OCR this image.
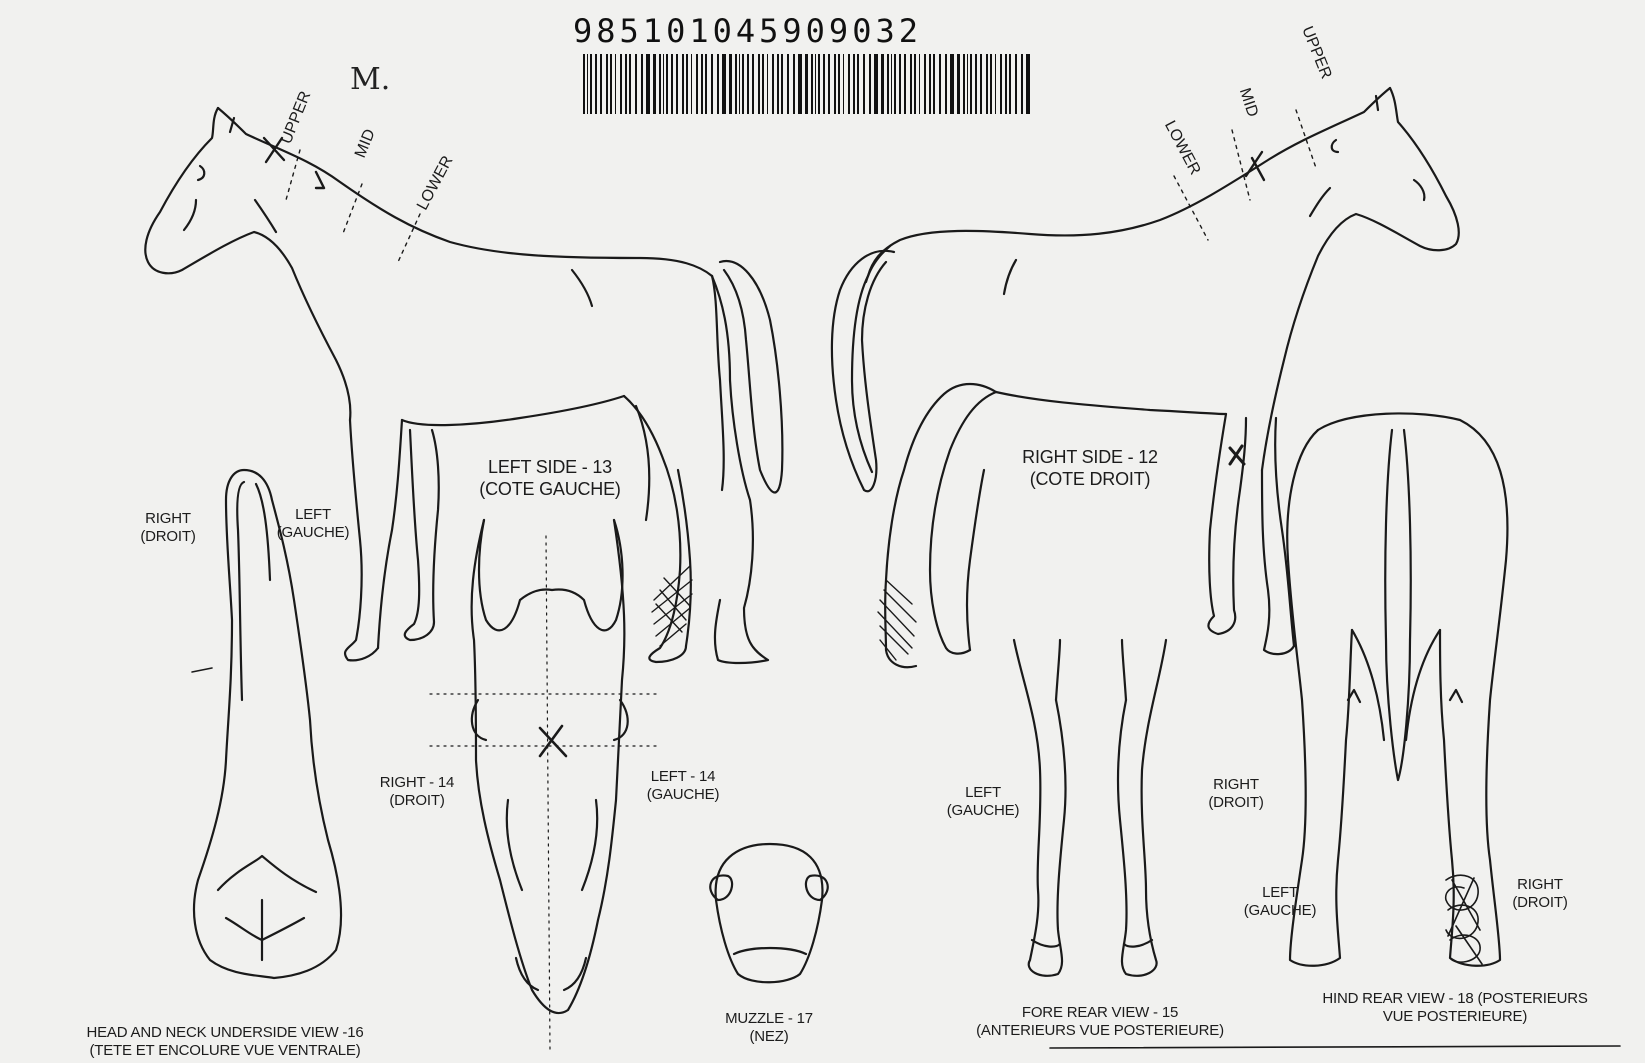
985101045909032
UPPER MID
LOWER
M.	UPPER
MID
LOWER
LEFT SIDE - 13
(COTE GAUCHE)
RIGHT SIDE - 12
(COTE DROIT)
RIGHT
(DROIT)
LEFT
(GAUCHE)
HEAD AND NECK UNDERSIDE VIEW -16
(TETE ET ENCOLURE VUE VENTRALE)
RIGHT - 14
(DROIT)
LEFT - 14
(GAUCHE)
MUZZLE - 17
(NEZ)
LEFT
(GAUCHE)
RIGHT
(DROIT)
FORE REAR VIEW - 15
(ANTERIEURS VUE POSTERIEURE)
LEFT
(GAUCHE)
RIGHT
(DROIT)
HIND REAR VIEW - 18 (POSTERIEURS
VUE POSTERIEURE)
